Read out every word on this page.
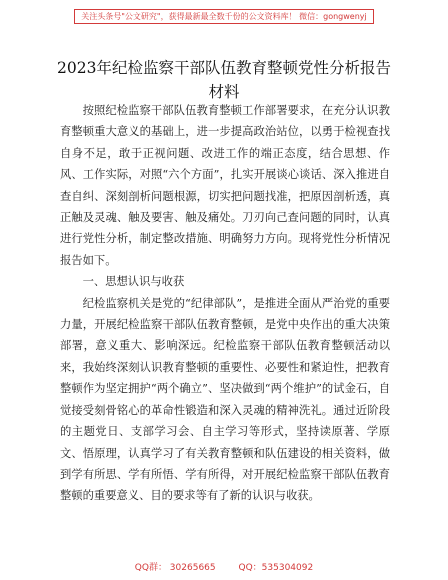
关注头条号"公文研究"，获得最新最全数千份的公文资料库！ 微信：gongwenyj
2023年纪检监察干部队伍教育整顿党性分析报告材料

按照纪检监察干部队伍教育整顿工作部署要求，在充分认识教育整顿重大意义的基础上，进一步提高政治站位，以勇于检视查找自身不足，敢于正视问题、改进工作的端正态度，结合思想、作风、工作实际，对照“六个方面”，扎实开展谈心谈话、深入推进自查自纠、深刻剖析问题根源，切实把问题找准，把原因剖析透，真正触及灵魂、触及要害、触及痛处。刀刃向己查问题的同时，认真进行党性分析，制定整改措施、明确努力方向。现将党性分析情况报告如下。

一、思想认识与收获

纪检监察机关是党的“纪律部队”，是推进全面从严治党的重要力量，开展纪检监察干部队伍教育整顿，是党中央作出的重大决策部署，意义重大、影响深远。纪检监察干部队伍教育整顿活动以来，我始终深刻认识教育整顿的重要性、必要性和紧迫性，把教育整顿作为坚定拥护“两个确立”、坚决做到“两个维护”的试金石，自觉接受刻骨铭心的革命性锻造和深入灵魂的精神洗礼。通过近阶段的主题党日、支部学习会、自主学习等形式，坚持读原著、学原文、悟原理，认真学习了有关教育整顿和队伍建设的相关资料，做到学有所思、学有所悟、学有所得，对开展纪检监察干部队伍教育整顿的重要意义、目的要求等有了新的认识与收获。

QQ群： 30265665        QQ：535304092
